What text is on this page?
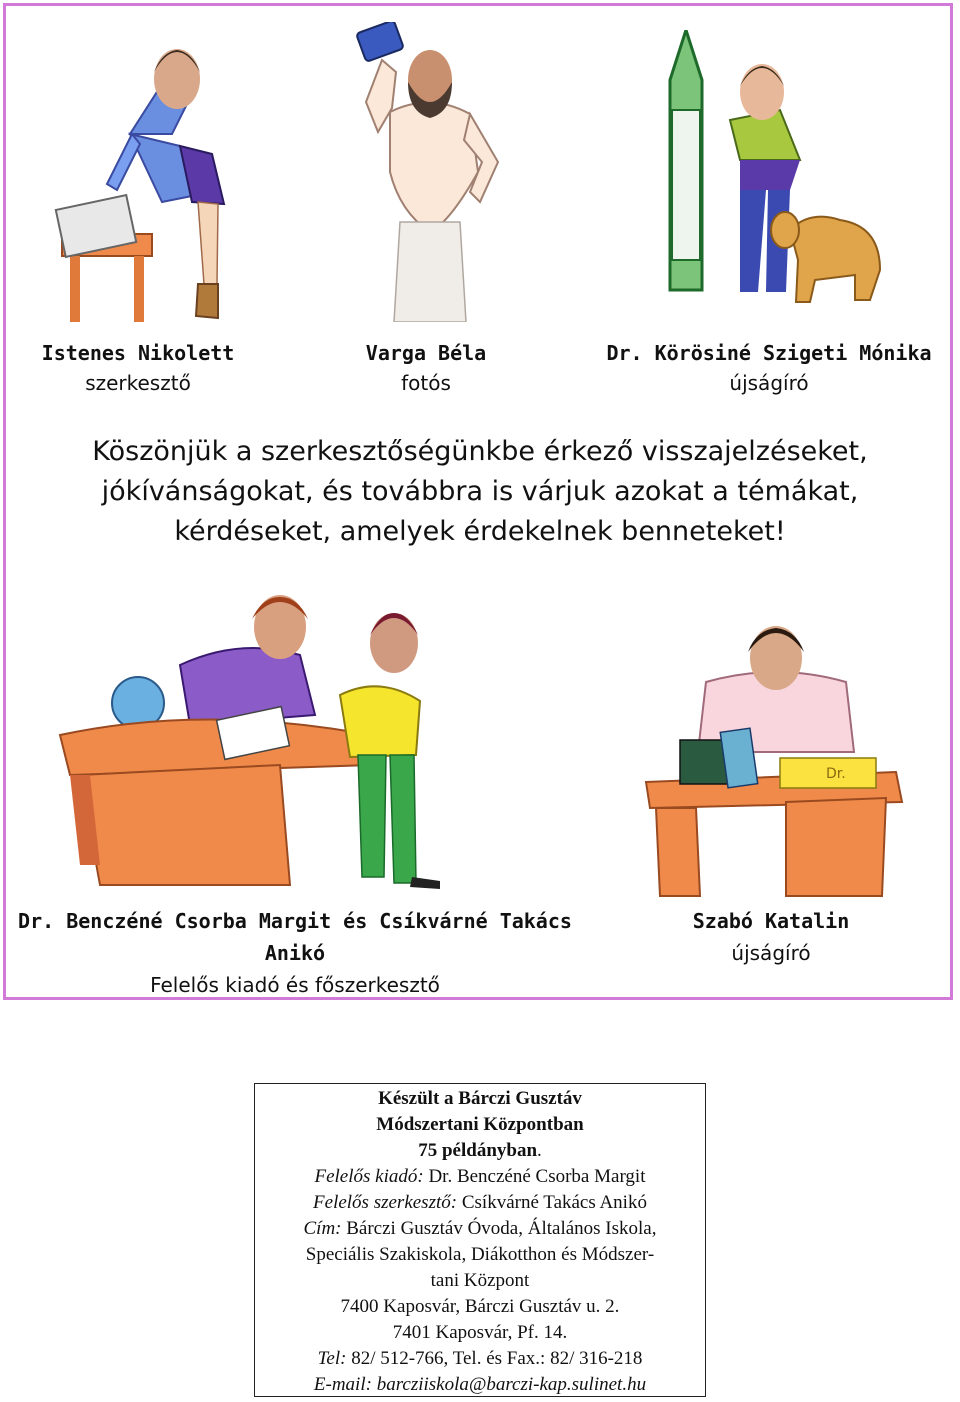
Istenes Nikolett
szerkesztő
Varga Béla
fotós
Dr. Körösiné Szigeti Mónika
újságíró
Köszönjük a szerkesztőségünkbe érkező visszajelzéseket, jókívánságokat, és továbbra is várjuk azokat a témákat, kérdéseket, amelyek érdekelnek benneteket!
Dr.
Dr. Benczéné Csorba Margit és Csíkvárné Takács
Anikó
Felelős kiadó és főszerkesztő
Szabó Katalin
újságíró
Készült a Bárczi Gusztáv
Módszertani Központban
75 példányban.
Felelős kiadó: Dr. Benczéné Csorba Margit
Felelős szerkesztő: Csíkvárné Takács Anikó
Cím: Bárczi Gusztáv Óvoda, Általános Iskola,
Speciális Szakiskola, Diákotthon és Módszer-
tani Központ
7400 Kaposvár, Bárczi Gusztáv u. 2.
7401 Kaposvár, Pf. 14.
Tel: 82/ 512-766, Tel. és Fax.: 82/ 316-218
E-mail: barcziiskola@barczi-kap.sulinet.hu
